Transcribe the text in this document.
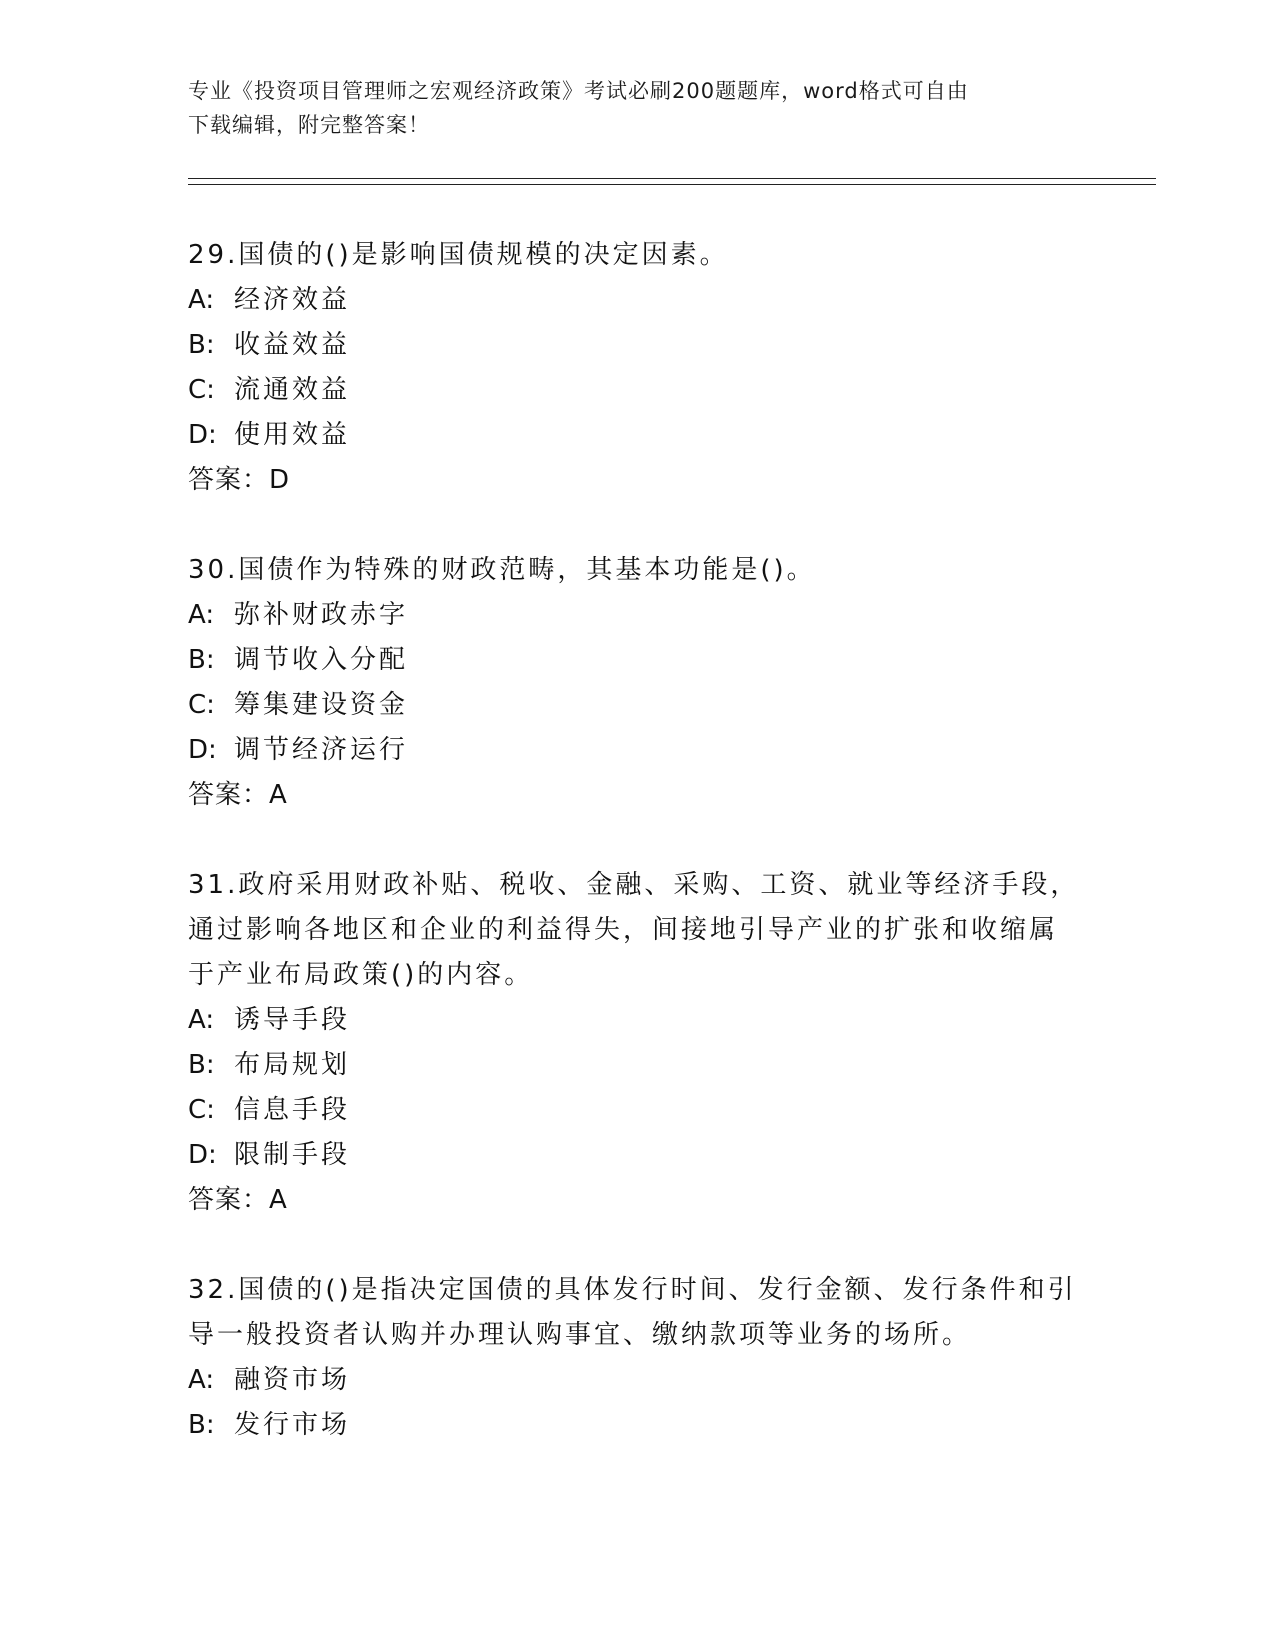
专业《投资项目管理师之宏观经济政策》考试必刷200题题库，word格式可自由
下载编辑，附完整答案！

29.国债的()是影响国债规模的决定因素。

A: 经济效益

B: 收益效益

C: 流通效益

D: 使用效益

答案：D

30.国债作为特殊的财政范畴，其基本功能是()。

A: 弥补财政赤字

B: 调节收入分配

C: 筹集建设资金

D: 调节经济运行

答案：A

31.政府采用财政补贴、税收、金融、采购、工资、就业等经济手段，

通过影响各地区和企业的利益得失，间接地引导产业的扩张和收缩属

于产业布局政策()的内容。

A: 诱导手段

B: 布局规划

C: 信息手段

D: 限制手段

答案：A

32.国债的()是指决定国债的具体发行时间、发行金额、发行条件和引

导一般投资者认购并办理认购事宜、缴纳款项等业务的场所。

A: 融资市场

B: 发行市场
